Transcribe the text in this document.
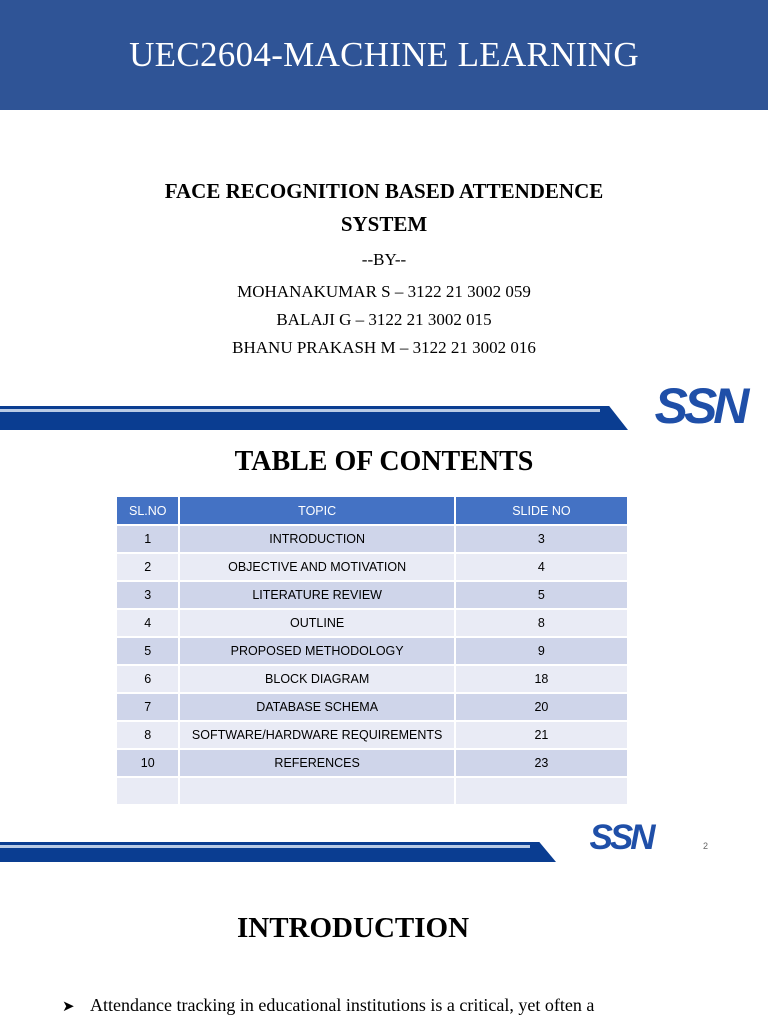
UEC2604-MACHINE LEARNING
FACE RECOGNITION BASED ATTENDENCE
SYSTEM
--BY--
MOHANAKUMAR S – 3122 21 3002 059
BALAJI G – 3122 21 3002 015
BHANU PRAKASH M – 3122 21 3002 016
SSN
TABLE OF CONTENTS
SL.NO	TOPIC	SLIDE NO
1	INTRODUCTION	3
2	OBJECTIVE AND MOTIVATION	4
3	LITERATURE REVIEW	5
4	OUTLINE	8
5	PROPOSED METHODOLOGY	9
6	BLOCK DIAGRAM	18
7	DATABASE SCHEMA	20
8	SOFTWARE/HARDWARE REQUIREMENTS	21
10	REFERENCES	23

SSN	2
INTRODUCTION
➤ Attendance tracking in educational institutions is a critical, yet often a
